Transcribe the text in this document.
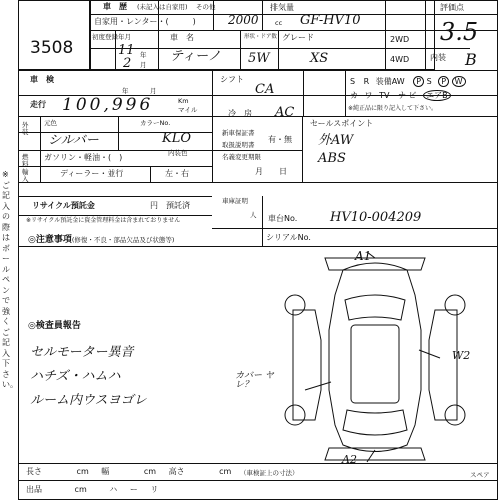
3508
車　歴 (未記入は自家用) その他
自家用・レンター・(　　　)
排気量
2000	cc GF-HV10
評価点
3.5
初度登録年月
11 年
2 月
車　名
ティーノ
形状・ドア数
5W
グレード
XS
2WD
4WD	内装 B
車　検
年	月
走行 100,996	Km
マイル
シフト
CA
冷　房 AC
S R 装備AW P S P W
カ ワ TV ナ ビ エアB
※純正品に限り記入して下さい。
外装
元色
シルバー
カラーNo.
KLO
内装色
燃料
ガソリン・軽油・(　)
輸入
ディーラー・並行	左・右
新車保証書
取扱説明書
有・無
名義変更期限
月　　日
セールスポイント
外AW
ABS
リサイクル預託金	円 預託済
※リサイクル預託金に資金管理料金は含まれておりません
車庫証明
人 車台No.	HV10-004209
シリアルNo.
◎注意事項(修復・不良・部品欠品及び状態等)
◎検査員報告
セルモーター異音
ハチズ・ハムハ
ルーム内ウスヨゴレ
※ご記入の際はボールペンで強くご記入下さい。
A1
W2
A2
カバー ヤレ？
スペア
長さ	cm 幅	cm 高さ	cm （車検証上の寸法）
出品	cm	ハ ー リ
